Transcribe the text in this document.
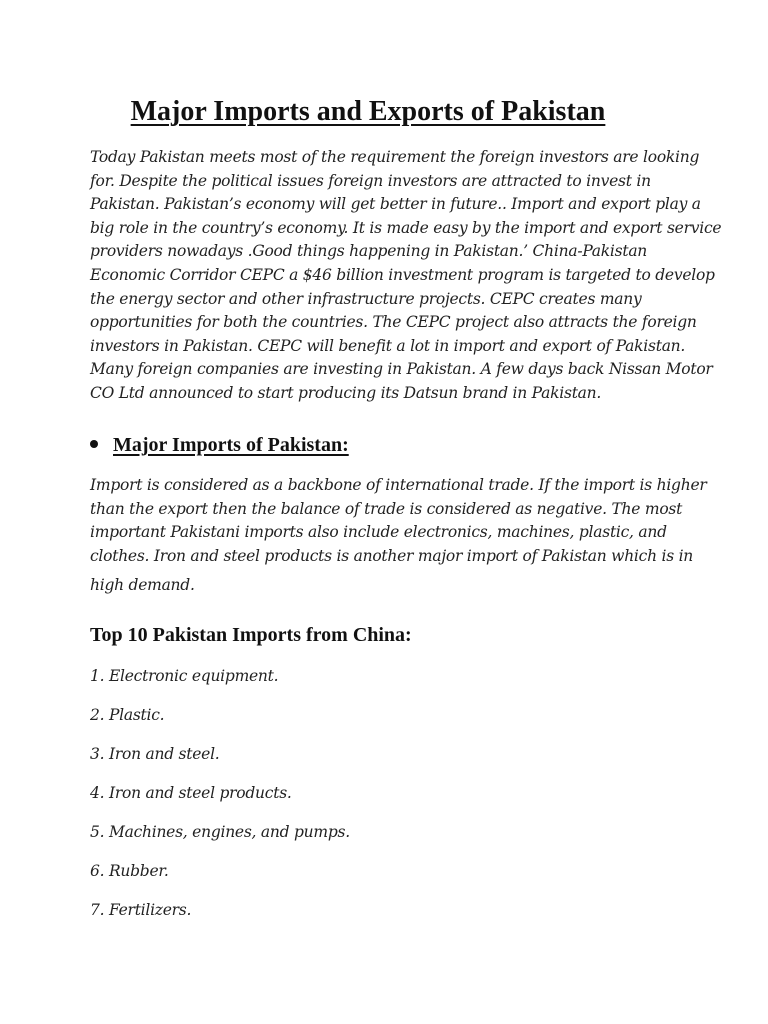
Major Imports and Exports of Pakistan

Today Pakistan meets most of the requirement the foreign investors are looking
for. Despite the political issues foreign investors are attracted to invest in
Pakistan. Pakistan’s economy will get better in future.. Import and export play a
big role in the country’s economy. It is made easy by the import and export service
providers nowadays .Good things happening in Pakistan.’ China-Pakistan
Economic Corridor CEPC a $46 billion investment program is targeted to develop
the energy sector and other infrastructure projects. CEPC creates many
opportunities for both the countries. The CEPC project also attracts the foreign
investors in Pakistan. CEPC will benefit a lot in import and export of Pakistan.
Many foreign companies are investing in Pakistan. A few days back Nissan Motor
CO Ltd announced to start producing its Datsun brand in Pakistan.

Major Imports of Pakistan:

Import is considered as a backbone of international trade. If the import is higher
than the export then the balance of trade is considered as negative. The most
important Pakistani imports also include electronics, machines, plastic, and
clothes. Iron and steel products is another major import of Pakistan which is in
high demand.

Top 10 Pakistan Imports from China:
1. Electronic equipment.
2. Plastic.
3. Iron and steel.
4. Iron and steel products.
5. Machines, engines, and pumps.
6. Rubber.
7. Fertilizers.
